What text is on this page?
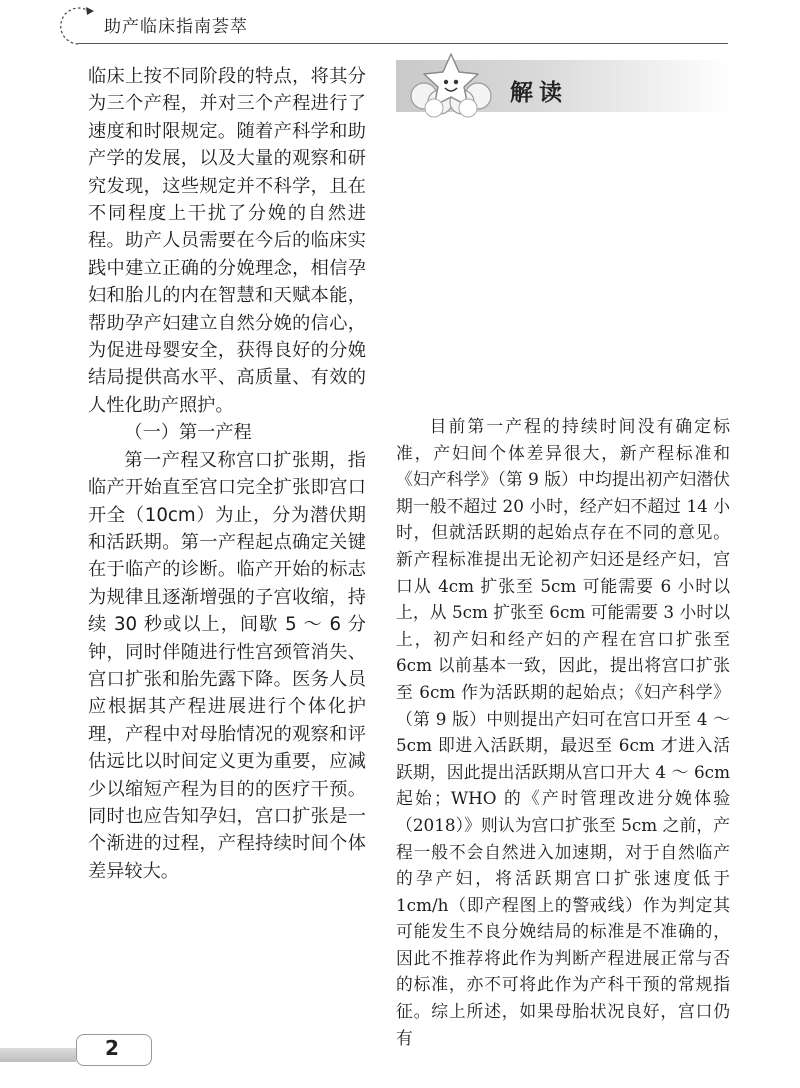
助产临床指南荟萃

临床上按不同阶段的特点，将其分为三个产程，并对三个产程进行了速度和时限规定。随着产科学和助产学的发展，以及大量的观察和研究发现，这些规定并不科学，且在不同程度上干扰了分娩的自然进程。助产人员需要在今后的临床实践中建立正确的分娩理念，相信孕妇和胎儿的内在智慧和天赋本能，帮助孕产妇建立自然分娩的信心，为促进母婴安全，获得良好的分娩结局提供高水平、高质量、有效的人性化助产照护。

（一）第一产程

第一产程又称宫口扩张期，指临产开始直至宫口完全扩张即宫口开全（10cm）为止，分为潜伏期和活跃期。第一产程起点确定关键在于临产的诊断。临产开始的标志为规律且逐渐增强的子宫收缩，持续 30 秒或以上，间歇 5 ～ 6 分钟，同时伴随进行性宫颈管消失、宫口扩张和胎先露下降。医务人员应根据其产程进展进行个体化护理，产程中对母胎情况的观察和评估远比以时间定义更为重要，应减少以缩短产程为目的的医疗干预。同时也应告知孕妇，宫口扩张是一个渐进的过程，产程持续时间个体差异较大。

解读

目前第一产程的持续时间没有确定标准，产妇间个体差异很大，新产程标准和《妇产科学》（第 9 版）中均提出初产妇潜伏期一般不超过 20 小时，经产妇不超过 14 小时，但就活跃期的起始点存在不同的意见。新产程标准提出无论初产妇还是经产妇，宫口从 4cm 扩张至 5cm 可能需要 6 小时以上，从 5cm 扩张至 6cm 可能需要 3 小时以上，初产妇和经产妇的产程在宫口扩张至 6cm 以前基本一致，因此，提出将宫口扩张至 6cm 作为活跃期的起始点；《妇产科学》（第 9 版）中则提出产妇可在宫口开至 4 ～ 5cm 即进入活跃期，最迟至 6cm 才进入活跃期，因此提出活跃期从宫口开大 4 ～ 6cm 起始；WHO 的《产时管理改进分娩体验（2018）》则认为宫口扩张至 5cm 之前，产程一般不会自然进入加速期，对于自然临产的孕产妇，将活跃期宫口扩张速度低于 1cm/h（即产程图上的警戒线）作为判定其可能发生不良分娩结局的标准是不准确的，因此不推荐将此作为判断产程进展正常与否的标准，亦不可将此作为产科干预的常规指征。综上所述，如果母胎状况良好，宫口仍有

2
